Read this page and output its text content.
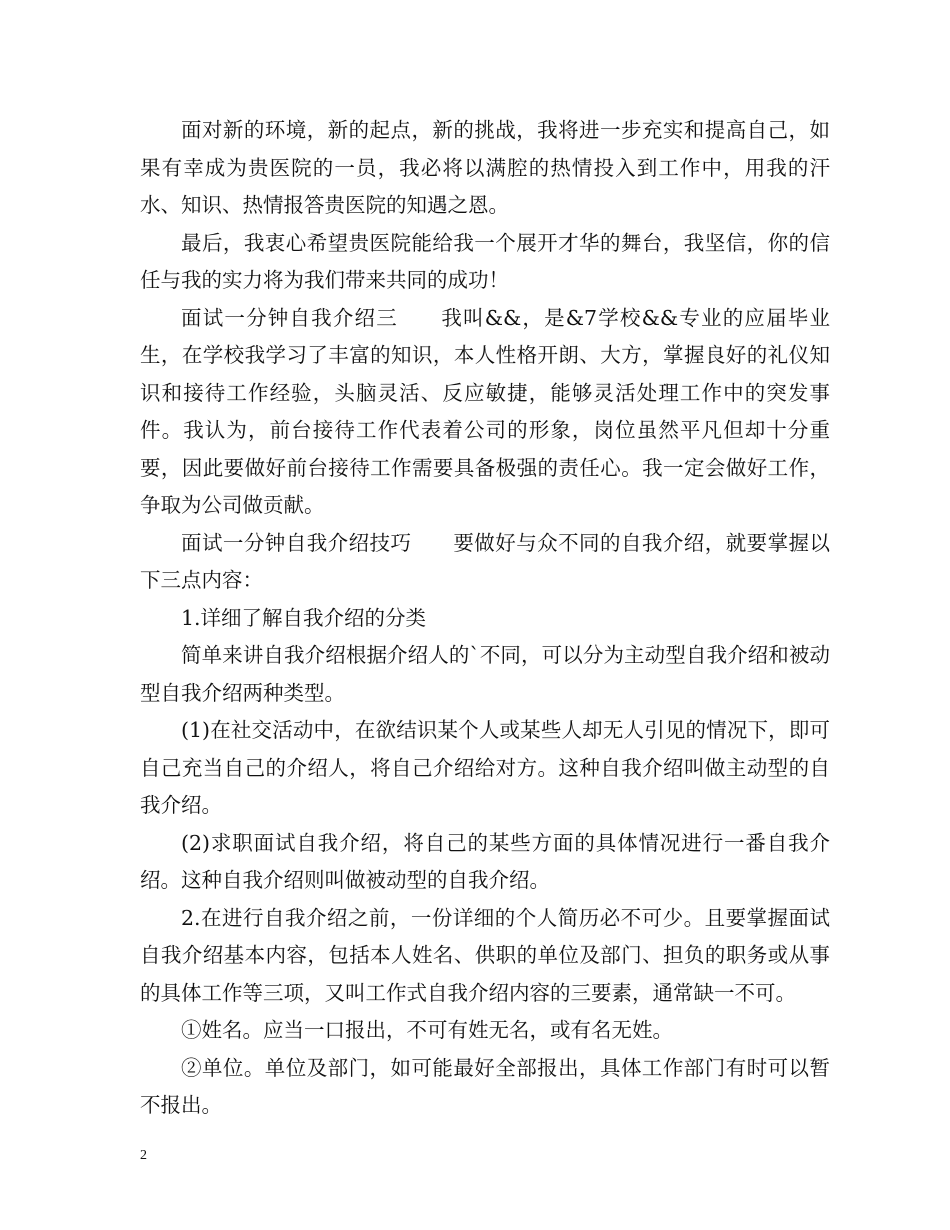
面对新的环境，新的起点，新的挑战，我将进一步充实和提高自己，如果有幸成为贵医院的一员，我必将以满腔的热情投入到工作中，用我的汗水、知识、热情报答贵医院的知遇之恩。

最后，我衷心希望贵医院能给我一个展开才华的舞台，我坚信，你的信任与我的实力将为我们带来共同的成功！

面试一分钟自我介绍三　　我叫&&，是&7学校&&专业的应届毕业生，在学校我学习了丰富的知识，本人性格开朗、大方，掌握良好的礼仪知识和接待工作经验，头脑灵活、反应敏捷，能够灵活处理工作中的突发事件。我认为，前台接待工作代表着公司的形象，岗位虽然平凡但却十分重要，因此要做好前台接待工作需要具备极强的责任心。我一定会做好工作，争取为公司做贡献。

面试一分钟自我介绍技巧　　要做好与众不同的自我介绍，就要掌握以下三点内容：

1.详细了解自我介绍的分类

简单来讲自我介绍根据介绍人的`不同，可以分为主动型自我介绍和被动型自我介绍两种类型。

(1)在社交活动中，在欲结识某个人或某些人却无人引见的情况下，即可自己充当自己的介绍人，将自己介绍给对方。这种自我介绍叫做主动型的自我介绍。

(2)求职面试自我介绍，将自己的某些方面的具体情况进行一番自我介绍。这种自我介绍则叫做被动型的自我介绍。

2.在进行自我介绍之前，一份详细的个人简历必不可少。且要掌握面试自我介绍基本内容，包括本人姓名、供职的单位及部门、担负的职务或从事的具体工作等三项，又叫工作式自我介绍内容的三要素，通常缺一不可。

①姓名。应当一口报出，不可有姓无名，或有名无姓。

②单位。单位及部门，如可能最好全部报出，具体工作部门有时可以暂不报出。

2
